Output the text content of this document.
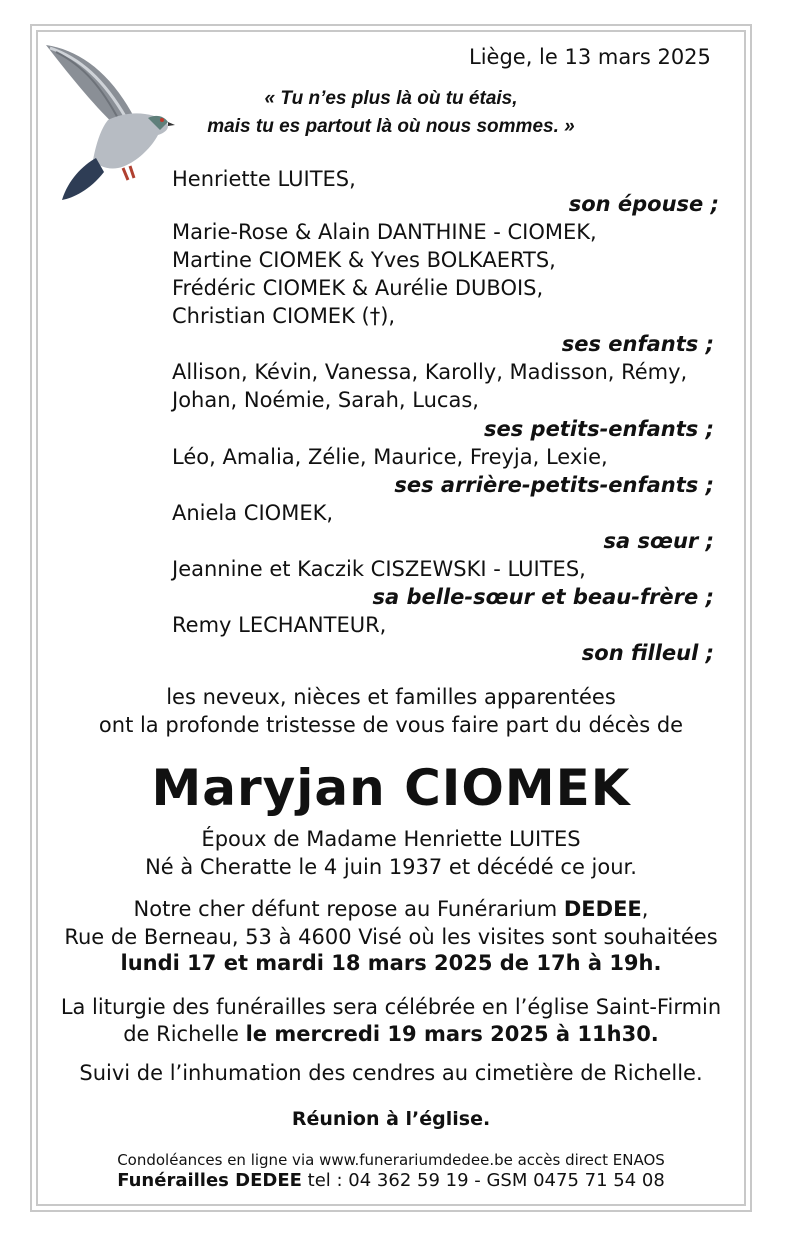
Liège, le 13 mars 2025
« Tu n’es plus là où tu étais,
mais tu es partout là où nous sommes. »
Henriette LUITES,
son épouse ;
Marie-Rose & Alain DANTHINE - CIOMEK,
Martine CIOMEK & Yves BOLKAERTS,
Frédéric CIOMEK & Aurélie DUBOIS,
Christian CIOMEK (†),
ses enfants ;
Allison, Kévin, Vanessa, Karolly, Madisson, Rémy,
Johan, Noémie, Sarah, Lucas,
ses petits-enfants ;
Léo, Amalia, Zélie, Maurice, Freyja, Lexie,
ses arrière-petits-enfants ;
Aniela CIOMEK,
sa sœur ;
Jeannine et Kaczik CISZEWSKI - LUITES,
sa belle-sœur et beau-frère ;
Remy LECHANTEUR,
son filleul ;
les neveux, nièces et familles apparentées
ont la profonde tristesse de vous faire part du décès de
Maryjan CIOMEK
Époux de Madame Henriette LUITES
Né à Cheratte le 4 juin 1937 et décédé ce jour.
Notre cher défunt repose au Funérarium DEDEE,
Rue de Berneau, 53 à 4600 Visé où les visites sont souhaitées
lundi 17 et mardi 18 mars 2025 de 17h à 19h.
La liturgie des funérailles sera célébrée en l’église Saint-Firmin
de Richelle le mercredi 19 mars 2025 à 11h30.
Suivi de l’inhumation des cendres au cimetière de Richelle.
Réunion à l’église.
Condoléances en ligne via www.funerariumdedee.be accès direct ENAOS
Funérailles DEDEE tel : 04 362 59 19 - GSM 0475 71 54 08
